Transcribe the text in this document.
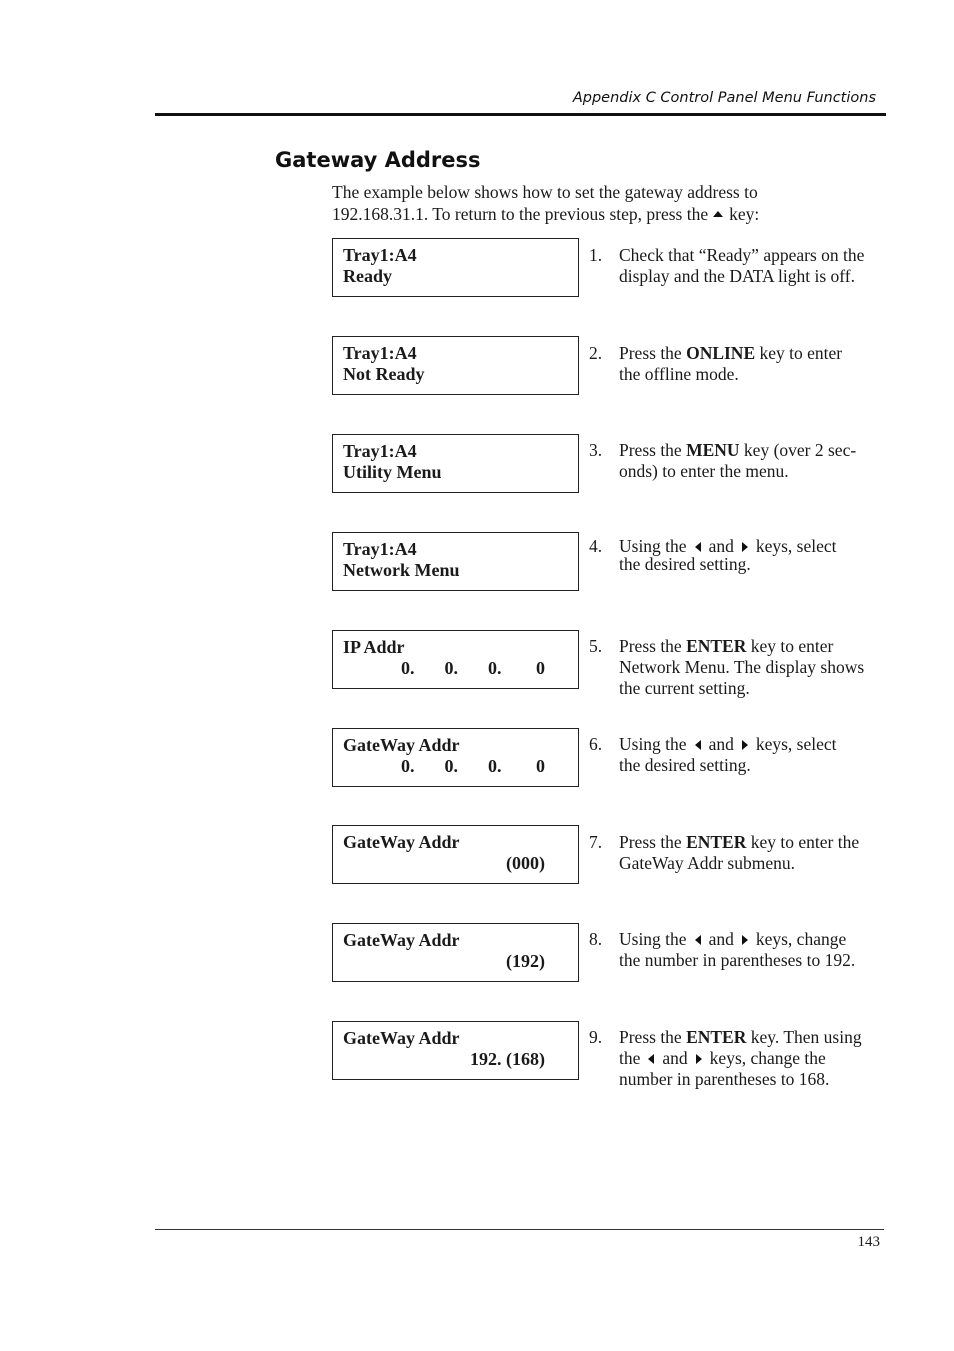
Appendix C Control Panel Menu Functions
Gateway Address

The example below shows how to set the gateway address to
192.168.31.1. To return to the previous step, press the key:

Tray1:A4
Ready
1. Check that “Ready” appears on the
display and the DATA light is off.
Tray1:A4
Not Ready
2. Press the ONLINE key to enter
the offline mode.
Tray1:A4
Utility Menu
3. Press the MENU key (over 2 sec-
onds) to enter the menu.
Tray1:A4
Network Menu
4. Using the and keys, select
the desired setting.
IP Addr
0.	0.	0.	0
5. Press the ENTER key to enter
Network Menu. The display shows
the current setting.
GateWay Addr
0.	0.	0.	0
6. Using the and keys, select
the desired setting.
GateWay Addr
(000)
7. Press the ENTER key to enter the
GateWay Addr submenu.
GateWay Addr
(192)
8. Using the and keys, change
the number in parentheses to 192.
GateWay Addr
192. (168)
9. Press the ENTER key. Then using
the and keys, change the
number in parentheses to 168.
143
